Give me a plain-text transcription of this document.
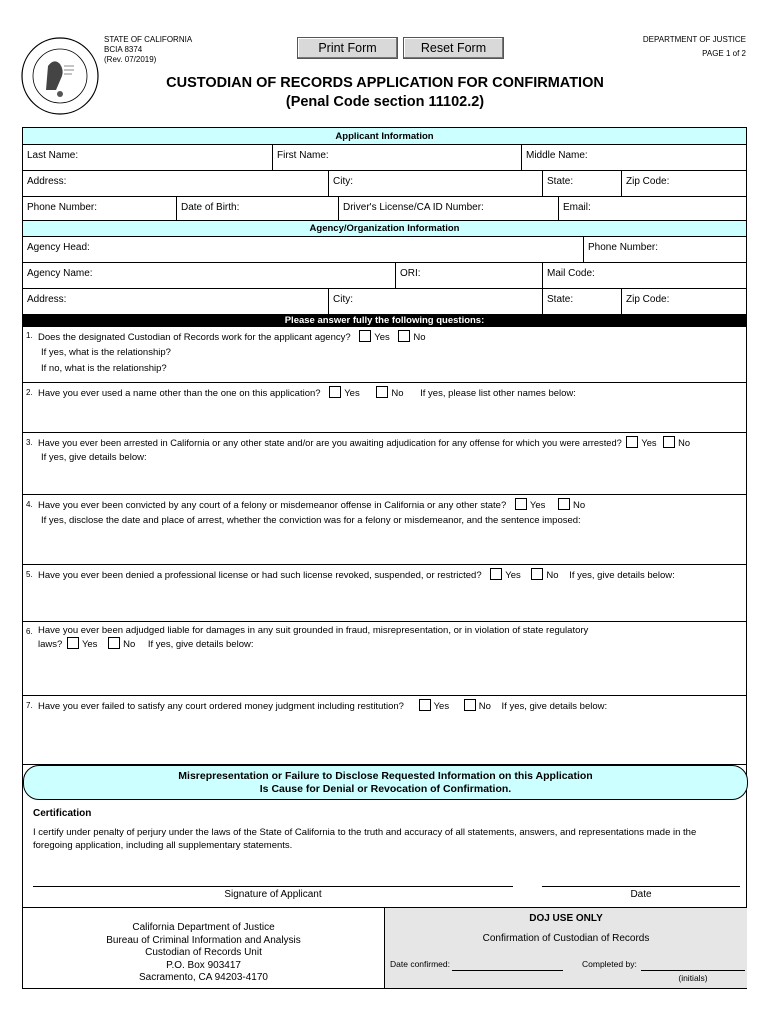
STATE OF CALIFORNIA
BCIA 8374
(Rev. 07/2019)
Print Form	Reset Form
DEPARTMENT OF JUSTICE
PAGE 1 of 2
CUSTODIAN OF RECORDS APPLICATION FOR CONFIRMATION
(Penal Code section 11102.2)
Applicant Information
Last Name:	First Name:	Middle Name:
Address:	City:	State:	Zip Code:
Phone Number:	Date of Birth:	Driver's License/CA ID Number:	Email:
Agency/Organization Information
Agency Head:	Phone Number:
Agency Name:	ORI:	Mail Code:
Address:	City:	State:	Zip Code:
Please answer fully the following questions:
1. Does the designated Custodian of Records work for the applicant agency? Yes No
If yes, what is the relationship?
If no, what is the relationship?
2. Have you ever used a name other than the one on this application? Yes	No If yes, please list other names below:
3. Have you ever been arrested in California or any other state and/or are you awaiting adjudication for any offense for which you were arrested? Yes No
If yes, give details below:
4. Have you ever been convicted by any court of a felony or misdemeanor offense in California or any other state? Yes	No
If yes, disclose the date and place of arrest, whether the conviction was for a felony or misdemeanor, and the sentence imposed:
5. Have you ever been denied a professional license or had such license revoked, suspended, or restricted? Yes	No If yes, give details below:
6. Have you ever been adjudged liable for damages in any suit grounded in fraud, misrepresentation, or in violation of state regulatory
laws? Yes	No If yes, give details below:
7. Have you ever failed to satisfy any court ordered money judgment including restitution?	Yes	No If yes, give details below:
Misrepresentation or Failure to Disclose Requested Information on this Application
Is Cause for Denial or Revocation of Confirmation.
Certification
I certify under penalty of perjury under the laws of the State of California to the truth and accuracy of all statements, answers, and representations made in the
foregoing application, including all supplementary statements.
Signature of Applicant	Date
California Department of Justice
Bureau of Criminal Information and Analysis
Custodian of Records Unit
P.O. Box 903417
Sacramento, CA 94203-4170
DOJ USE ONLY
Confirmation of Custodian of Records
Date confirmed:	Completed by:
(initials)
